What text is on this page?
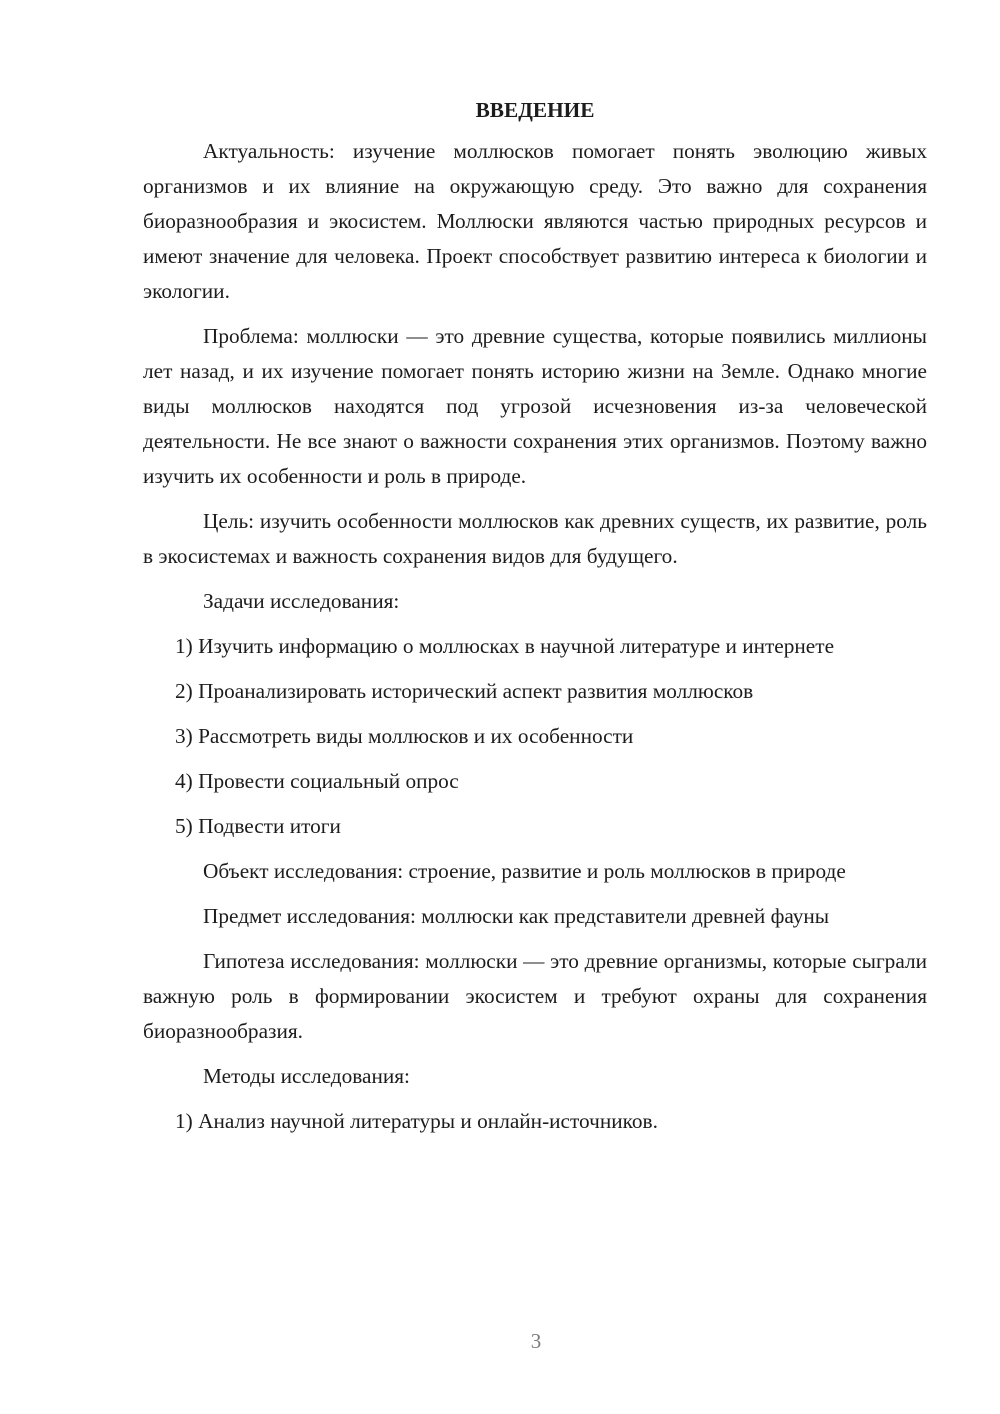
ВВЕДЕНИЕ

Актуальность: изучение моллюсков помогает понять эволюцию живых организмов и их влияние на окружающую среду. Это важно для сохранения биоразнообразия и экосистем. Моллюски являются частью природных ресурсов и имеют значение для человека. Проект способствует развитию интереса к биологии и экологии.

Проблема: моллюски — это древние существа, которые появились миллионы лет назад, и их изучение помогает понять историю жизни на Земле. Однако многие виды моллюсков находятся под угрозой исчезновения из-за человеческой деятельности. Не все знают о важности сохранения этих организмов. Поэтому важно изучить их особенности и роль в природе.

Цель: изучить особенности моллюсков как древних существ, их развитие, роль в экосистемах и важность сохранения видов для будущего.

Задачи исследования:

1) Изучить информацию о моллюсках в научной литературе и интернете

2) Проанализировать исторический аспект развития моллюсков

3) Рассмотреть виды моллюсков и их особенности

4) Провести социальный опрос

5) Подвести итоги

Объект исследования: строение, развитие и роль моллюсков в природе

Предмет исследования: моллюски как представители древней фауны

Гипотеза исследования: моллюски — это древние организмы, которые сыграли важную роль в формировании экосистем и требуют охраны для сохранения биоразнообразия.

Методы исследования:

1) Анализ научной литературы и онлайн-источников.

3
